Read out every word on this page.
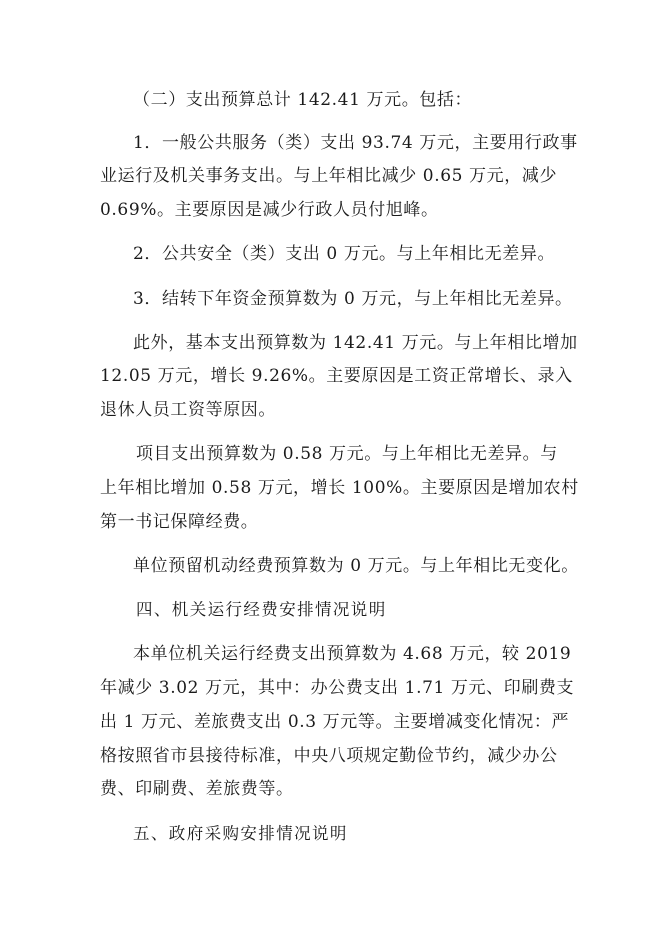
（二）支出预算总计 142.41 万元。包括：
1．一般公共服务（类）支出 93.74 万元，主要用行政事
业运行及机关事务支出。与上年相比减少 0.65 万元，减少
0.69%。主要原因是减少行政人员付旭峰。
2．公共安全（类）支出 0 万元。与上年相比无差异。
3．结转下年资金预算数为 0 万元，与上年相比无差异。
此外，基本支出预算数为 142.41 万元。与上年相比增加
12.05 万元，增长 9.26%。主要原因是工资正常增长、录入
退休人员工资等原因。
项目支出预算数为 0.58 万元。与上年相比无差异。与
上年相比增加 0.58 万元，增长 100%。主要原因是增加农村
第一书记保障经费。
单位预留机动经费预算数为 0 万元。与上年相比无变化。
四、机关运行经费安排情况说明
本单位机关运行经费支出预算数为 4.68 万元，较 2019
年减少 3.02 万元，其中：办公费支出 1.71 万元、印刷费支
出 1 万元、差旅费支出 0.3 万元等。主要增减变化情况：严
格按照省市县接待标准，中央八项规定勤俭节约，减少办公
费、印刷费、差旅费等。
五、政府采购安排情况说明
